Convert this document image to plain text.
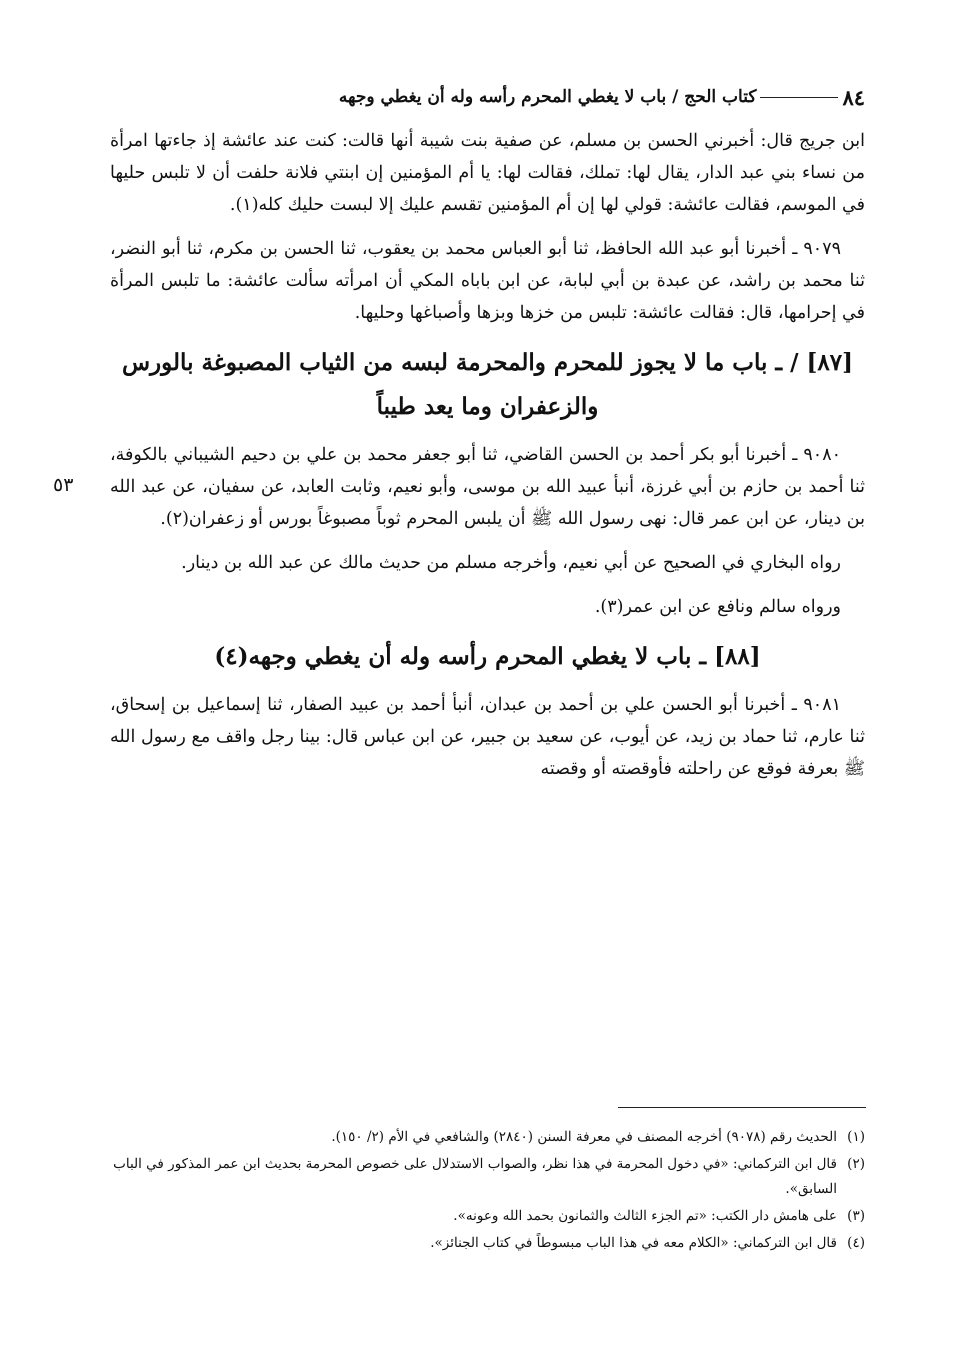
٨٤
كتاب الحج / باب لا يغطي المحرم رأسه وله أن يغطي وجهه
٥٣

ابن جريج قال: أخبرني الحسن بن مسلم، عن صفية بنت شيبة أنها قالت: كنت عند عائشة إذ جاءتها امرأة من نساء بني عبد الدار، يقال لها: تملك، فقالت لها: يا أم المؤمنين إن ابنتي فلانة حلفت أن لا تلبس حليها في الموسم، فقالت عائشة: قولي لها إن أم المؤمنين تقسم عليك إلا لبست حليك كله(١).

٩٠٧٩ ـ أخبرنا أبو عبد الله الحافظ، ثنا أبو العباس محمد بن يعقوب، ثنا الحسن بن مكرم، ثنا أبو النضر، ثنا محمد بن راشد، عن عبدة بن أبي لبابة، عن ابن باباه المكي أن امرأته سألت عائشة: ما تلبس المرأة في إحرامها، قال: فقالت عائشة: تلبس من خزها وبزها وأصباغها وحليها.

[٨٧] / ـ باب ما لا يجوز للمحرم والمحرمة لبسه من الثياب المصبوغة بالورس والزعفران وما يعد طيباً

٩٠٨٠ ـ أخبرنا أبو بكر أحمد بن الحسن القاضي، ثنا أبو جعفر محمد بن علي بن دحيم الشيباني بالكوفة، ثنا أحمد بن حازم بن أبي غرزة، أنبأ عبيد الله بن موسى، وأبو نعيم، وثابت العابد، عن سفيان، عن عبد الله بن دينار، عن ابن عمر قال: نهى رسول الله ﷺ أن يلبس المحرم ثوباً مصبوغاً بورس أو زعفران(٢).

رواه البخاري في الصحيح عن أبي نعيم، وأخرجه مسلم من حديث مالك عن عبد الله بن دينار.

ورواه سالم ونافع عن ابن عمر(٣).

[٨٨] ـ باب لا يغطي المحرم رأسه وله أن يغطي وجهه(٤)

٩٠٨١ ـ أخبرنا أبو الحسن علي بن أحمد بن عبدان، أنبأ أحمد بن عبيد الصفار، ثنا إسماعيل بن إسحاق، ثنا عارم، ثنا حماد بن زيد، عن أيوب، عن سعيد بن جبير، عن ابن عباس قال: بينا رجل واقف مع رسول الله ﷺ بعرفة فوقع عن راحلته فأوقصته أو وقصته

(١)
الحديث رقم (٩٠٧٨) أخرجه المصنف في معرفة السنن (٢٨٤٠) والشافعي في الأم (٢/ ١٥٠).
(٢)
قال ابن التركماني: «في دخول المحرمة في هذا نظر، والصواب الاستدلال على خصوص المحرمة بحديث ابن عمر المذكور في الباب السابق».
(٣)
على هامش دار الكتب: «تم الجزء الثالث والثمانون بحمد الله وعونه».
(٤)
قال ابن التركماني: «الكلام معه في هذا الباب مبسوطاً في كتاب الجنائز».
